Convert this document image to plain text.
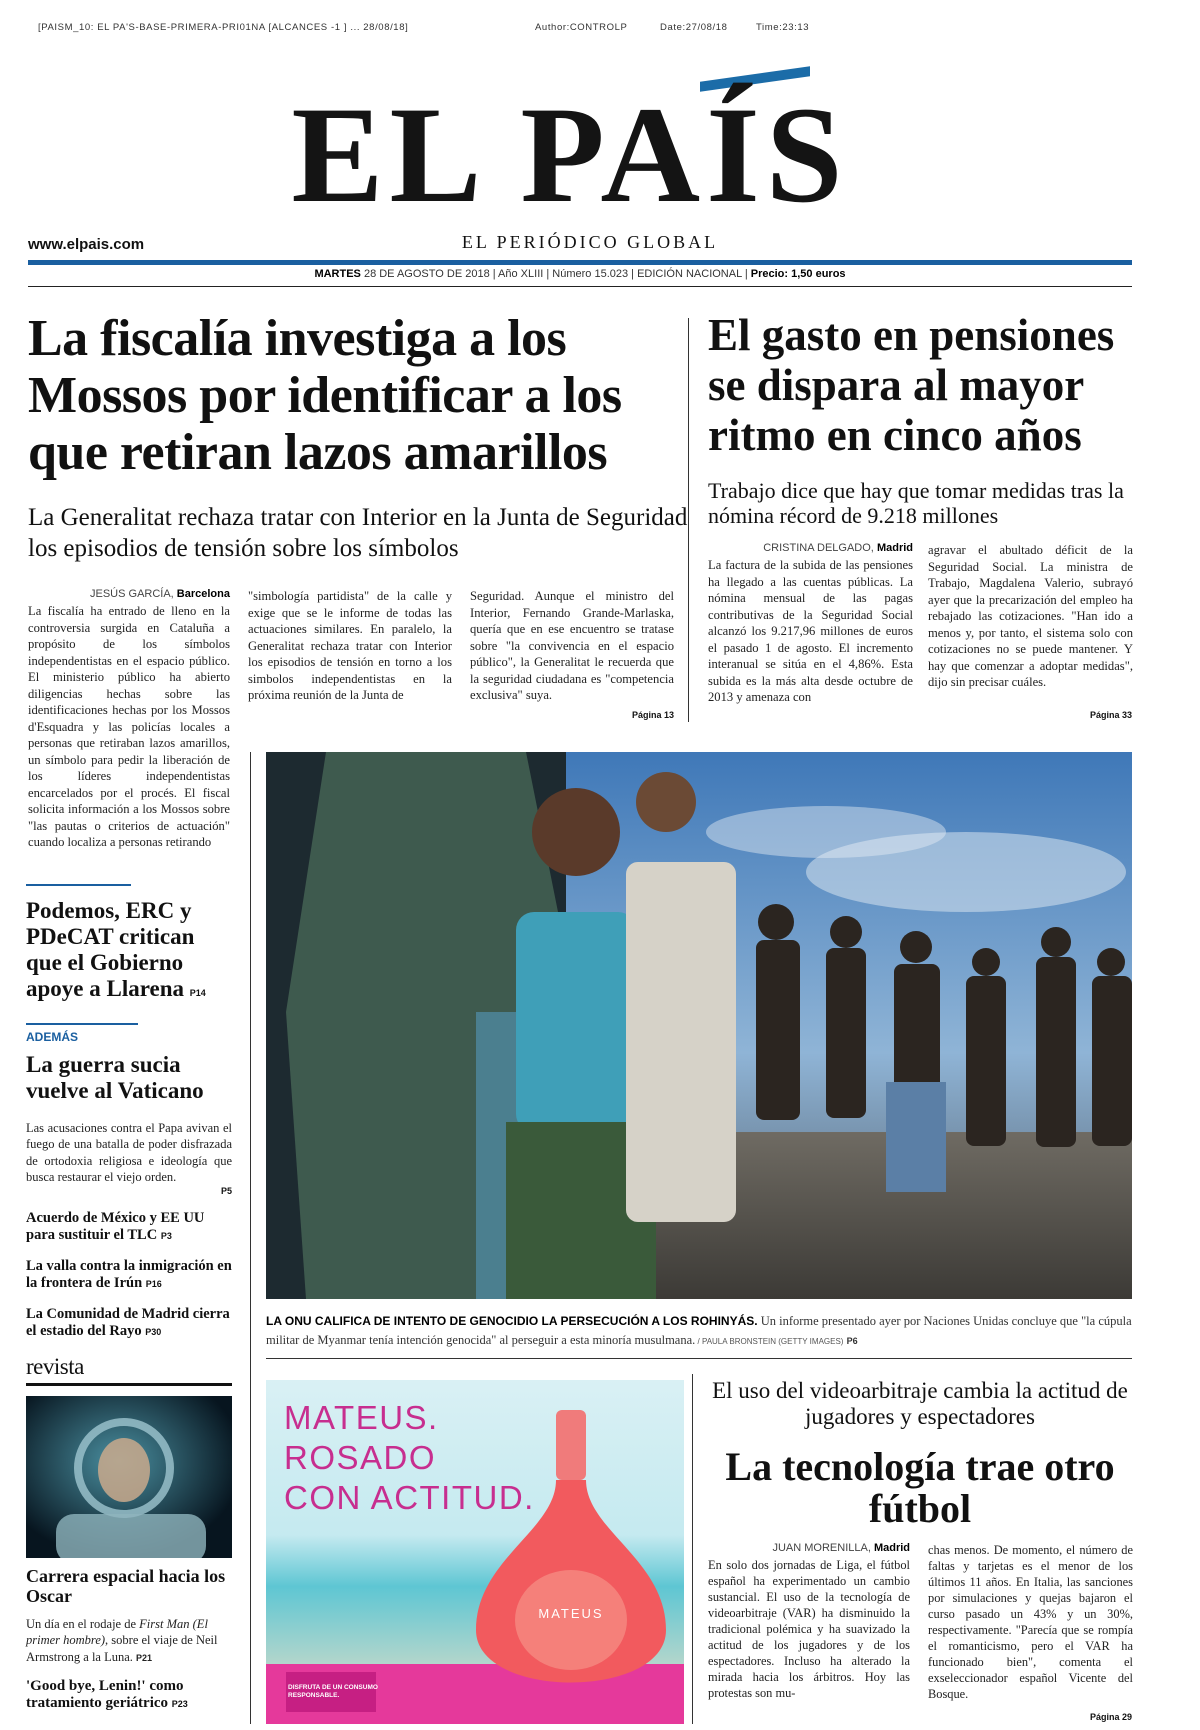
[PAISM_10: EL PA'S-BASE-PRIMERA-PRI01NA [ALCANCES -1 ] ... 28/08/18]	Author:CONTROLP	Date:27/08/18	Time:23:13
EL PAÍS
EL PERIÓDICO GLOBAL
www.elpais.com
MARTES 28 DE AGOSTO DE 2018 | Año XLIII | Número 15.023 | EDICIÓN NACIONAL | Precio: 1,50 euros
La fiscalía investiga a los Mossos por identificar a los que retiran lazos amarillos
La Generalitat rechaza tratar con Interior en la Junta de Seguridad los episodios de tensión sobre los símbolos
JESÚS GARCÍA, Barcelona
La fiscalía ha entrado de lleno en la controversia surgida en Cataluña a propósito de los símbolos independentistas en el espacio público. El ministerio público ha abierto diligencias hechas sobre las identificaciones hechas por los Mossos d'Esquadra y las policías locales a personas que retiraban lazos amarillos, un símbolo para pedir la liberación de los líderes independentistas encarcelados por el procés. El fiscal solicita información a los Mossos sobre "las pautas o criterios de actuación" cuando localiza a personas retirando
"simbología partidista" de la calle y exige que se le informe de todas las actuaciones similares. En paralelo, la Generalitat rechaza tratar con Interior los episodios de tensión en torno a los simbolos independentistas en la próxima reunión de la Junta de
Seguridad. Aunque el ministro del Interior, Fernando Grande-Marlaska, quería que en ese encuentro se tratase sobre "la convivencia en el espacio público", la Generalitat le recuerda que la seguridad ciudadana es "competencia exclusiva" suya.
Página 13
El gasto en pensiones se dispara al mayor ritmo en cinco años
Trabajo dice que hay que tomar medidas tras la nómina récord de 9.218 millones
CRISTINA DELGADO, Madrid
La factura de la subida de las pensiones ha llegado a las cuentas públicas. La nómina mensual de las pagas contributivas de la Seguridad Social alcanzó los 9.217,96 millones de euros el pasado 1 de agosto. El incremento interanual se sitúa en el 4,86%. Esta subida es la más alta desde octubre de 2013 y amenaza con
agravar el abultado déficit de la Seguridad Social. La ministra de Trabajo, Magdalena Valerio, subrayó ayer que la precarización del empleo ha rebajado las cotizaciones. "Han ido a menos y, por tanto, el sistema solo con cotizaciones no se puede mantener. Y hay que comenzar a adoptar medidas", dijo sin precisar cuáles.
Página 33
Podemos, ERC y PDeCAT critican que el Gobierno apoye a Llarena P14
ADEMÁS
La guerra sucia vuelve al Vaticano
Las acusaciones contra el Papa avivan el fuego de una batalla de poder disfrazada de ortodoxia religiosa e ideología que busca restaurar el viejo orden.
P5
Acuerdo de México y EE UU para sustituir el TLC P3
La valla contra la inmigración en la frontera de Irún P16
La Comunidad de Madrid cierra el estadio del Rayo P30
revista
Carrera espacial hacia los Oscar
Un día en el rodaje de First Man (El primer hombre), sobre el viaje de Neil Armstrong a la Luna. P21
'Good bye, Lenin!' como tratamiento geriátrico P23
LA ONU CALIFICA DE INTENTO DE GENOCIDIO LA PERSECUCIÓN A LOS ROHINYÁS. Un informe presentado ayer por Naciones Unidas concluye que "la cúpula militar de Myanmar tenía intención genocida" al perseguir a esta minoría musulmana. / PAULA BRONSTEIN (GETTY IMAGES) P6
MATEUS.
ROSADO
CON ACTITUD.
MATEUS
DISFRUTA DE UN CONSUMO RESPONSABLE.
El uso del videoarbitraje cambia la actitud de jugadores y espectadores
La tecnología trae otro fútbol
JUAN MORENILLA, Madrid
En solo dos jornadas de Liga, el fútbol español ha experimentado un cambio sustancial. El uso de la tecnología de videoarbitraje (VAR) ha disminuido la tradicional polémica y ha suavizado la actitud de los jugadores y de los espectadores. Incluso ha alterado la mirada hacia los árbitros. Hoy las protestas son mu-
chas menos. De momento, el número de faltas y tarjetas es el menor de los últimos 11 años. En Italia, las sanciones por simulaciones y quejas bajaron el curso pasado un 43% y un 30%, respectivamente. "Parecía que se rompía el romanticismo, pero el VAR ha funcionado bien", comenta el exseleccionador español Vicente del Bosque.
Página 29
